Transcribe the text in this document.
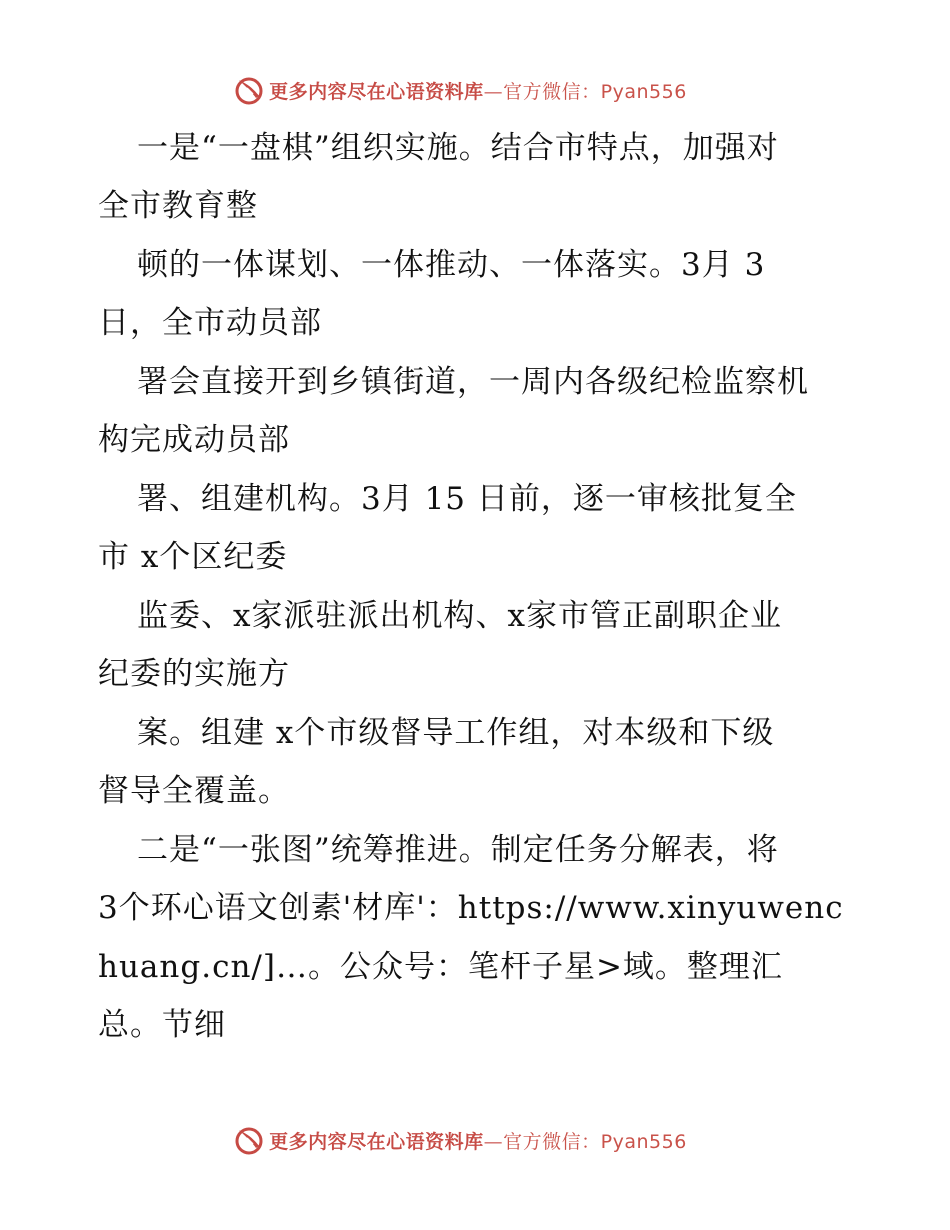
更多内容尽在心语资料库—官方微信：Pyan556
一是“一盘棋”组织实施。结合市特点，加强对
全市教育整
顿的一体谋划、一体推动、一体落实。3月 3
日，全市动员部
署会直接开到乡镇街道，一周内各级纪检监察机
构完成动员部
署、组建机构。3月 15 日前，逐一审核批复全
市 x个区纪委
监委、x家派驻派出机构、x家市管正副职企业
纪委的实施方
案。组建 x个市级督导工作组，对本级和下级
督导全覆盖。
二是“一张图”统筹推进。制定任务分解表，将
3个环心语文创素'材库'：https://www.xinyuwenc
huang.cn/]…。公众号：笔杆子星>域。整理汇
总。节细
更多内容尽在心语资料库—官方微信：Pyan556
